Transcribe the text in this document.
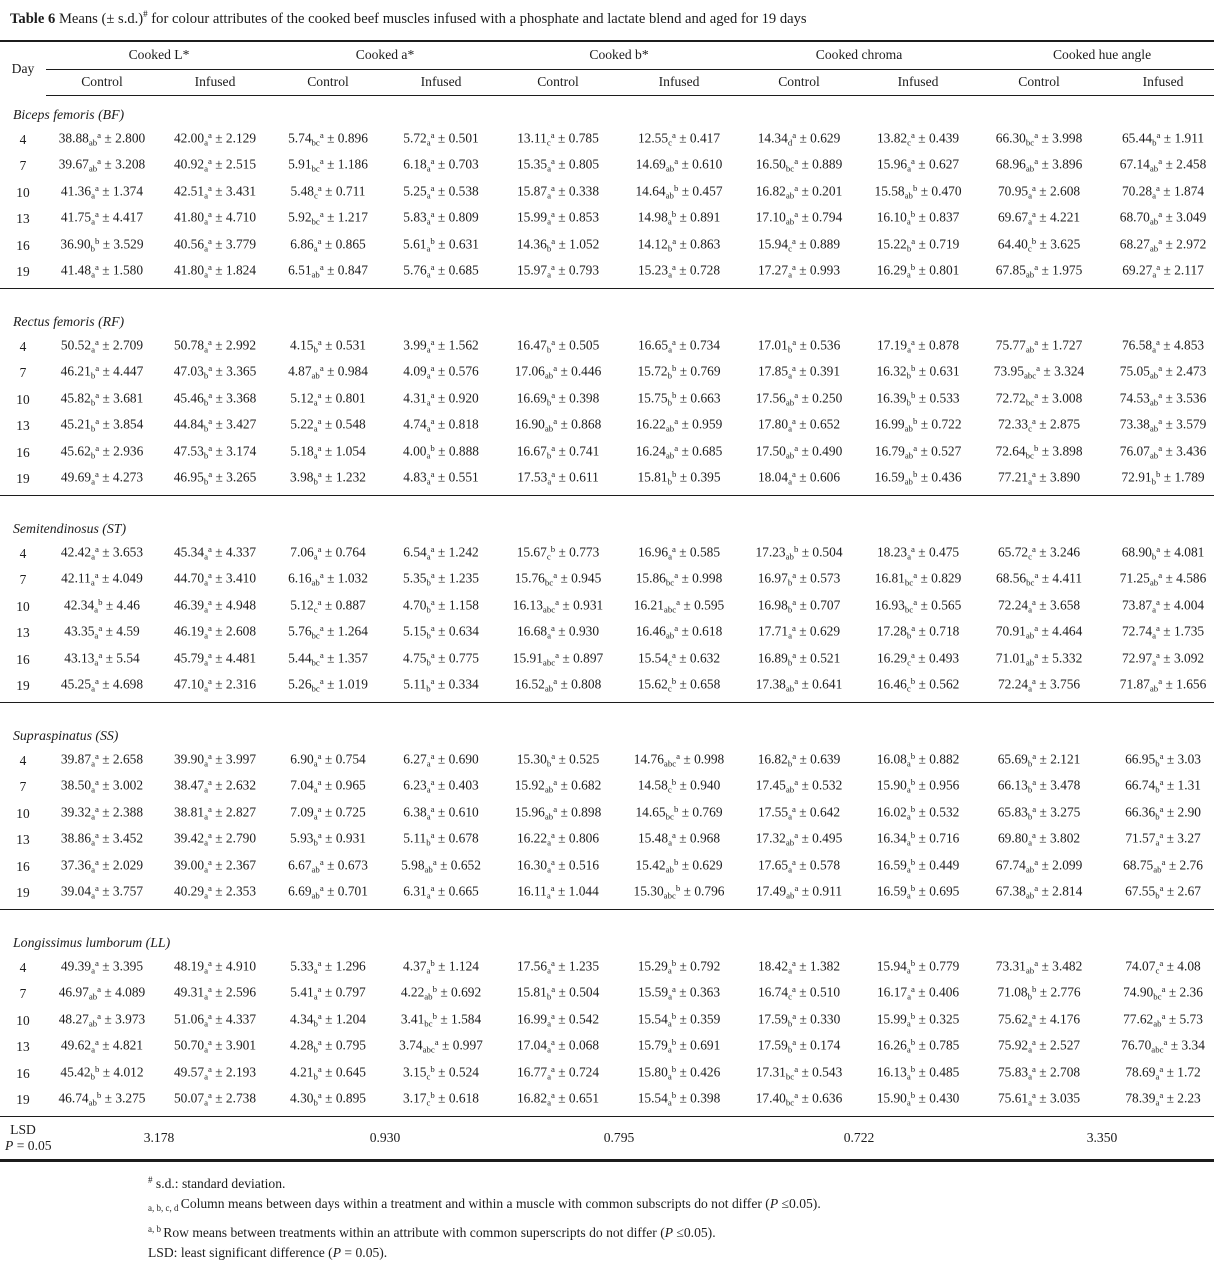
Table 6 Means (± s.d.)# for colour attributes of the cooked beef muscles infused with a phosphate and lactate blend and aged for 19 days
Day	Cooked L*		Cooked a*		Cooked b*		Cooked chroma		Cooked hue angle	
	Control	Infused	Control	Infused	Control	Infused	Control	Infused	Control	Infused
Biceps femoris (BF)										
4	$38.88_{ab}^a \pm 2.800$	$42.00_a^a \pm 2.129$	$5.74_{bc}^a \pm 0.896$	$5.72_a^a \pm 0.501$	$13.11_c^a \pm 0.785$	$12.55_c^a \pm 0.417$	$14.34_d^a \pm 0.629$	$13.82_c^a \pm 0.439$	$66.30_{bc}^a \pm 3.998$	$65.44_b^a \pm 1.911$
7	$39.67_{ab}^a \pm 3.208$	$40.92_a^a \pm 2.515$	$5.91_{bc}^a \pm 1.186$	$6.18_a^a \pm 0.703$	$15.35_a^a \pm 0.805$	$14.69_{ab}^a \pm 0.610$	$16.50_{bc}^a \pm 0.889$	$15.96_a^a \pm 0.627$	$68.96_{ab}^a \pm 3.896$	$67.14_{ab}^a \pm 2.458$
10	$41.36_a^a \pm 1.374$	$42.51_a^a \pm 3.431$	$5.48_c^a \pm 0.711$	$5.25_a^a \pm 0.538$	$15.87_a^a \pm 0.338$	$14.64_{ab}^b \pm 0.457$	$16.82_{ab}^a \pm 0.201$	$15.58_{ab}^b \pm 0.470$	$70.95_a^a \pm 2.608$	$70.28_a^a \pm 1.874$
13	$41.75_a^a \pm 4.417$	$41.80_a^a \pm 4.710$	$5.92_{bc}^a \pm 1.217$	$5.83_a^a \pm 0.809$	$15.99_a^a \pm 0.853$	$14.98_a^b \pm 0.891$	$17.10_{ab}^a \pm 0.794$	$16.10_a^b \pm 0.837$	$69.67_a^a \pm 4.221$	$68.70_{ab}^a \pm 3.049$
16	$36.90_b^b \pm 3.529$	$40.56_a^a \pm 3.779$	$6.86_a^a \pm 0.865$	$5.61_a^b \pm 0.631$	$14.36_b^a \pm 1.052$	$14.12_b^a \pm 0.863$	$15.94_c^a \pm 0.889$	$15.22_b^a \pm 0.719$	$64.40_c^b \pm 3.625$	$68.27_{ab}^a \pm 2.972$
19	$41.48_a^a \pm 1.580$	$41.80_a^a \pm 1.824$	$6.51_{ab}^a \pm 0.847$	$5.76_a^a \pm 0.685$	$15.97_a^a \pm 0.793$	$15.23_a^a \pm 0.728$	$17.27_a^a \pm 0.993$	$16.29_a^b \pm 0.801$	$67.85_{ab}^a \pm 1.975$	$69.27_a^a \pm 2.117$
Rectus femoris (RF)										
4	$50.52_a^a \pm 2.709$	$50.78_a^a \pm 2.992$	$4.15_b^a \pm 0.531$	$3.99_a^a \pm 1.562$	$16.47_b^a \pm 0.505$	$16.65_a^a \pm 0.734$	$17.01_b^a \pm 0.536$	$17.19_a^a \pm 0.878$	$75.77_{ab}^a \pm 1.727$	$76.58_a^a \pm 4.853$
7	$46.21_b^a \pm 4.447$	$47.03_b^a \pm 3.365$	$4.87_{ab}^a \pm 0.984$	$4.09_a^a \pm 0.576$	$17.06_{ab}^a \pm 0.446$	$15.72_b^b \pm 0.769$	$17.85_a^a \pm 0.391$	$16.32_b^b \pm 0.631$	$73.95_{abc}^a \pm 3.324$	$75.05_{ab}^a \pm 2.473$
10	$45.82_b^a \pm 3.681$	$45.46_b^a \pm 3.368$	$5.12_a^a \pm 0.801$	$4.31_a^a \pm 0.920$	$16.69_b^a \pm 0.398$	$15.75_b^b \pm 0.663$	$17.56_{ab}^a \pm 0.250$	$16.39_b^b \pm 0.533$	$72.72_{bc}^a \pm 3.008$	$74.53_{ab}^a \pm 3.536$
13	$45.21_b^a \pm 3.854$	$44.84_b^a \pm 3.427$	$5.22_a^a \pm 0.548$	$4.74_a^a \pm 0.818$	$16.90_{ab}^a \pm 0.868$	$16.22_{ab}^a \pm 0.959$	$17.80_a^a \pm 0.652$	$16.99_{ab}^b \pm 0.722$	$72.33_c^a \pm 2.875$	$73.38_{ab}^a \pm 3.579$
16	$45.62_b^a \pm 2.936$	$47.53_b^a \pm 3.174$	$5.18_a^a \pm 1.054$	$4.00_a^b \pm 0.888$	$16.67_b^a \pm 0.741$	$16.24_{ab}^a \pm 0.685$	$17.50_{ab}^a \pm 0.490$	$16.79_{ab}^a \pm 0.527$	$72.64_{bc}^b \pm 3.898$	$76.07_{ab}^a \pm 3.436$
19	$49.69_a^a \pm 4.273$	$46.95_b^a \pm 3.265$	$3.98_b^a \pm 1.232$	$4.83_a^a \pm 0.551$	$17.53_a^a \pm 0.611$	$15.81_b^b \pm 0.395$	$18.04_a^a \pm 0.606$	$16.59_{ab}^b \pm 0.436$	$77.21_a^a \pm 3.890$	$72.91_b^b \pm 1.789$
Semitendinosus (ST)										
4	$42.42_a^a \pm 3.653$	$45.34_a^a \pm 4.337$	$7.06_a^a \pm 0.764$	$6.54_a^a \pm 1.242$	$15.67_c^b \pm 0.773$	$16.96_a^a \pm 0.585$	$17.23_{ab}^b \pm 0.504$	$18.23_a^a \pm 0.475$	$65.72_c^a \pm 3.246$	$68.90_b^a \pm 4.081$
7	$42.11_a^a \pm 4.049$	$44.70_a^a \pm 3.410$	$6.16_{ab}^a \pm 1.032$	$5.35_b^a \pm 1.235$	$15.76_{bc}^a \pm 0.945$	$15.86_{bc}^a \pm 0.998$	$16.97_b^a \pm 0.573$	$16.81_{bc}^a \pm 0.829$	$68.56_{bc}^a \pm 4.411$	$71.25_{ab}^a \pm 4.586$
10	$42.34_a^b \pm 4.46$	$46.39_a^a \pm 4.948$	$5.12_c^a \pm 0.887$	$4.70_b^a \pm 1.158$	$16.13_{abc}^a \pm 0.931$	$16.21_{abc}^a \pm 0.595$	$16.98_b^a \pm 0.707$	$16.93_{bc}^a \pm 0.565$	$72.24_a^a \pm 3.658$	$73.87_a^a \pm 4.004$
13	$43.35_a^a \pm 4.59$	$46.19_a^a \pm 2.608$	$5.76_{bc}^a \pm 1.264$	$5.15_b^a \pm 0.634$	$16.68_a^a \pm 0.930$	$16.46_{ab}^a \pm 0.618$	$17.71_a^a \pm 0.629$	$17.28_b^a \pm 0.718$	$70.91_{ab}^a \pm 4.464$	$72.74_a^a \pm 1.735$
16	$43.13_a^a \pm 5.54$	$45.79_a^a \pm 4.481$	$5.44_{bc}^a \pm 1.357$	$4.75_b^a \pm 0.775$	$15.91_{abc}^a \pm 0.897$	$15.54_c^a \pm 0.632$	$16.89_b^a \pm 0.521$	$16.29_c^a \pm 0.493$	$71.01_{ab}^a \pm 5.332$	$72.97_a^a \pm 3.092$
19	$45.25_a^a \pm 4.698$	$47.10_a^a \pm 2.316$	$5.26_{bc}^a \pm 1.019$	$5.11_b^a \pm 0.334$	$16.52_{ab}^a \pm 0.808$	$15.62_c^b \pm 0.658$	$17.38_{ab}^a \pm 0.641$	$16.46_c^b \pm 0.562$	$72.24_a^a \pm 3.756$	$71.87_{ab}^a \pm 1.656$
Supraspinatus (SS)										
4	$39.87_a^a \pm 2.658$	$39.90_a^a \pm 3.997$	$6.90_a^a \pm 0.754$	$6.27_a^a \pm 0.690$	$15.30_b^a \pm 0.525$	$14.76_{abc}^a \pm 0.998$	$16.82_b^a \pm 0.639$	$16.08_a^b \pm 0.882$	$65.69_b^a \pm 2.121$	$66.95_b^a \pm 3.03$
7	$38.50_a^a \pm 3.002$	$38.47_a^a \pm 2.632$	$7.04_a^a \pm 0.965$	$6.23_a^a \pm 0.403$	$15.92_{ab}^a \pm 0.682$	$14.58_c^b \pm 0.940$	$17.45_{ab}^a \pm 0.532$	$15.90_a^b \pm 0.956$	$66.13_b^a \pm 3.478$	$66.74_b^a \pm 1.31$
10	$39.32_a^a \pm 2.388$	$38.81_a^a \pm 2.827$	$7.09_a^a \pm 0.725$	$6.38_a^a \pm 0.610$	$15.96_{ab}^a \pm 0.898$	$14.65_{bc}^b \pm 0.769$	$17.55_a^a \pm 0.642$	$16.02_a^b \pm 0.532$	$65.83_b^a \pm 3.275$	$66.36_b^a \pm 2.90$
13	$38.86_a^a \pm 3.452$	$39.42_a^a \pm 2.790$	$5.93_b^a \pm 0.931$	$5.11_b^a \pm 0.678$	$16.22_a^a \pm 0.806$	$15.48_a^a \pm 0.968$	$17.32_{ab}^a \pm 0.495$	$16.34_a^b \pm 0.716$	$69.80_a^a \pm 3.802$	$71.57_a^a \pm 3.27$
16	$37.36_a^a \pm 2.029$	$39.00_a^a \pm 2.367$	$6.67_{ab}^a \pm 0.673$	$5.98_{ab}^a \pm 0.652$	$16.30_a^a \pm 0.516$	$15.42_{ab}^b \pm 0.629$	$17.65_a^a \pm 0.578$	$16.59_a^b \pm 0.449$	$67.74_{ab}^a \pm 2.099$	$68.75_{ab}^a \pm 2.76$
19	$39.04_a^a \pm 3.757$	$40.29_a^a \pm 2.353$	$6.69_{ab}^a \pm 0.701$	$6.31_a^a \pm 0.665$	$16.11_a^a \pm 1.044$	$15.30_{abc}^b \pm 0.796$	$17.49_{ab}^a \pm 0.911$	$16.59_a^b \pm 0.695$	$67.38_{ab}^a \pm 2.814$	$67.55_b^a \pm 2.67$
Longissimus lumborum (LL)										
4	$49.39_a^a \pm 3.395$	$48.19_a^a \pm 4.910$	$5.33_a^a \pm 1.296$	$4.37_a^b \pm 1.124$	$17.56_a^a \pm 1.235$	$15.29_a^b \pm 0.792$	$18.42_a^a \pm 1.382$	$15.94_a^b \pm 0.779$	$73.31_{ab}^a \pm 3.482$	$74.07_c^a \pm 4.08$
7	$46.97_{ab}^a \pm 4.089$	$49.31_a^a \pm 2.596$	$5.41_a^a \pm 0.797$	$4.22_{ab}^b \pm 0.692$	$15.81_b^a \pm 0.504$	$15.59_a^a \pm 0.363$	$16.74_c^a \pm 0.510$	$16.17_a^a \pm 0.406$	$71.08_b^b \pm 2.776$	$74.90_{bc}^a \pm 2.36$
10	$48.27_{ab}^a \pm 3.973$	$51.06_a^a \pm 4.337$	$4.34_b^a \pm 1.204$	$3.41_{bc}^b \pm 1.584$	$16.99_a^a \pm 0.542$	$15.54_a^b \pm 0.359$	$17.59_b^a \pm 0.330$	$15.99_a^b \pm 0.325$	$75.62_a^a \pm 4.176$	$77.62_{ab}^a \pm 5.73$
13	$49.62_a^a \pm 4.821$	$50.70_a^a \pm 3.901$	$4.28_b^a \pm 0.795$	$3.74_{abc}^a \pm 0.997$	$17.04_a^a \pm 0.068$	$15.79_a^b \pm 0.691$	$17.59_b^a \pm 0.174$	$16.26_a^b \pm 0.785$	$75.92_a^a \pm 2.527$	$76.70_{abc}^a \pm 3.34$
16	$45.42_b^b \pm 4.012$	$49.57_a^a \pm 2.193$	$4.21_b^a \pm 0.645$	$3.15_c^b \pm 0.524$	$16.77_a^a \pm 0.724$	$15.80_a^b \pm 0.426$	$17.31_{bc}^a \pm 0.543$	$16.13_a^b \pm 0.485$	$75.83_a^a \pm 2.708$	$78.69_a^a \pm 1.72$
19	$46.74_{ab}^b \pm 3.275$	$50.07_a^a \pm 2.738$	$4.30_b^a \pm 0.895$	$3.17_c^b \pm 0.618$	$16.82_a^a \pm 0.651$	$15.54_a^b \pm 0.398$	$17.40_{bc}^a \pm 0.636$	$15.90_a^b \pm 0.430$	$75.61_a^a \pm 3.035$	$78.39_a^a \pm 2.23$

LSD
P = 0.05	3.178		0.930		0.795		0.722		3.350	
# s.d.: standard deviation.
$_{a, b, c, d}$ Column means between days within a treatment and within a muscle with common subscripts do not differ (P ≤0.05).
$^{a, b}$ Row means between treatments within an attribute with common superscripts do not differ (P ≤0.05).
LSD: least significant difference (P = 0.05).
